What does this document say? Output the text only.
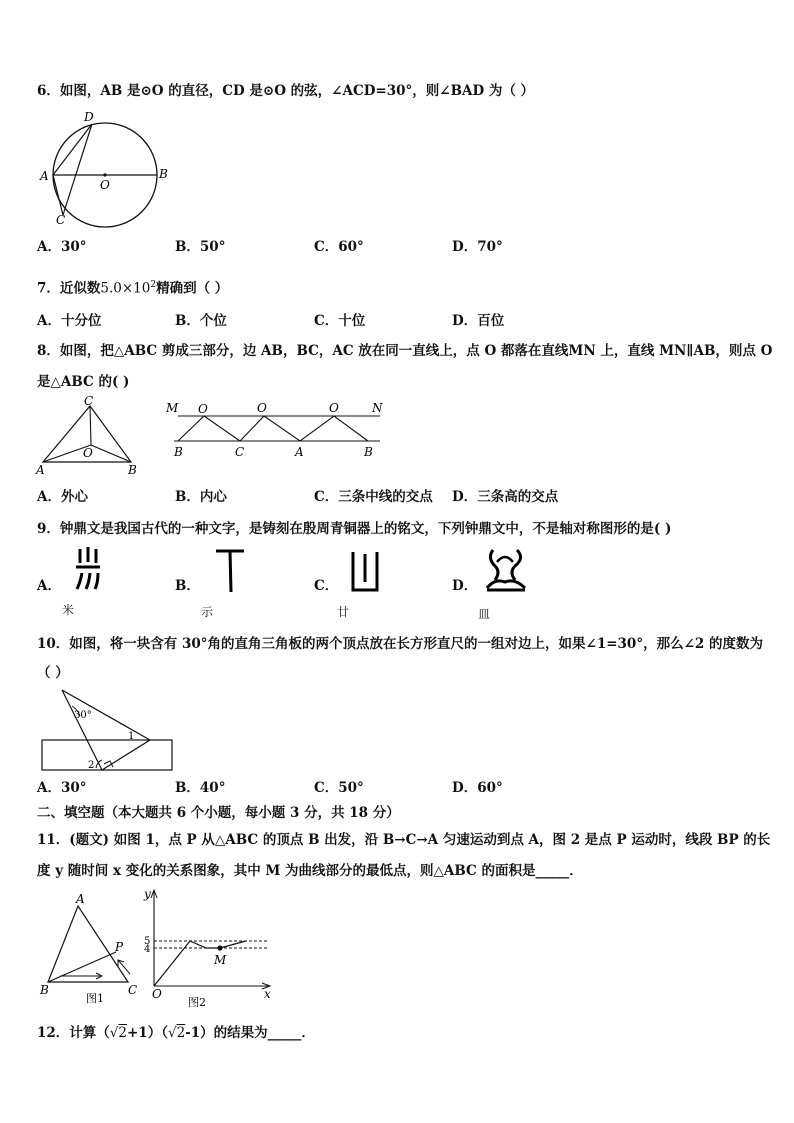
6．如图，AB 是⊙O 的直径，CD 是⊙O 的弦，∠ACD=30°，则∠BAD 为（ ）
D
A
O
B
C
A．30°	B．50°	C．60°	D．70°
7．近似数$5.0\times 10^2$精确到（ ）
A．十分位	B．个位	C．十位	D．百位
8．如图，把△ABC 剪成三部分，边 AB，BC，AC 放在同一直线上，点 O 都落在直线MN 上，直线 MN∥AB，则点 O
是△ABC 的( )
C
O
A	B
M O	O	O	N
B	C	A	B
A．外心	B．内心	C．三条中线的交点 D．三条高的交点
9．钟鼎文是我国古代的一种文字，是铸刻在殷周青铜器上的铭文，下列钟鼎文中，不是轴对称图形的是( )
A．
米
B．
示
C．
廿
D．
皿
10．如图，将一块含有 30°角的直角三角板的两个顶点放在长方形直尺的一组对边上，如果∠1=30°，那么∠2 的度数为
（ ）
30°
1
2
A．30°	B．40°	C．50°	D．60°
二、填空题（本大题共 6 个小题，每小题 3 分，共 18 分）
11．(题文) 如图 1，点 P 从△ABC 的顶点 B 出发，沿 B→C→A 匀速运动到点 A，图 2 是点 P 运动时，线段 BP 的长
度 y 随时间 x 变化的关系图象，其中 M 为曲线部分的最低点，则△ABC 的面积是_____．
A
P
B	C
图1
y
5
4
M
O	x
图2
12．计算（√2+1）（√2-1）的结果为_____．
